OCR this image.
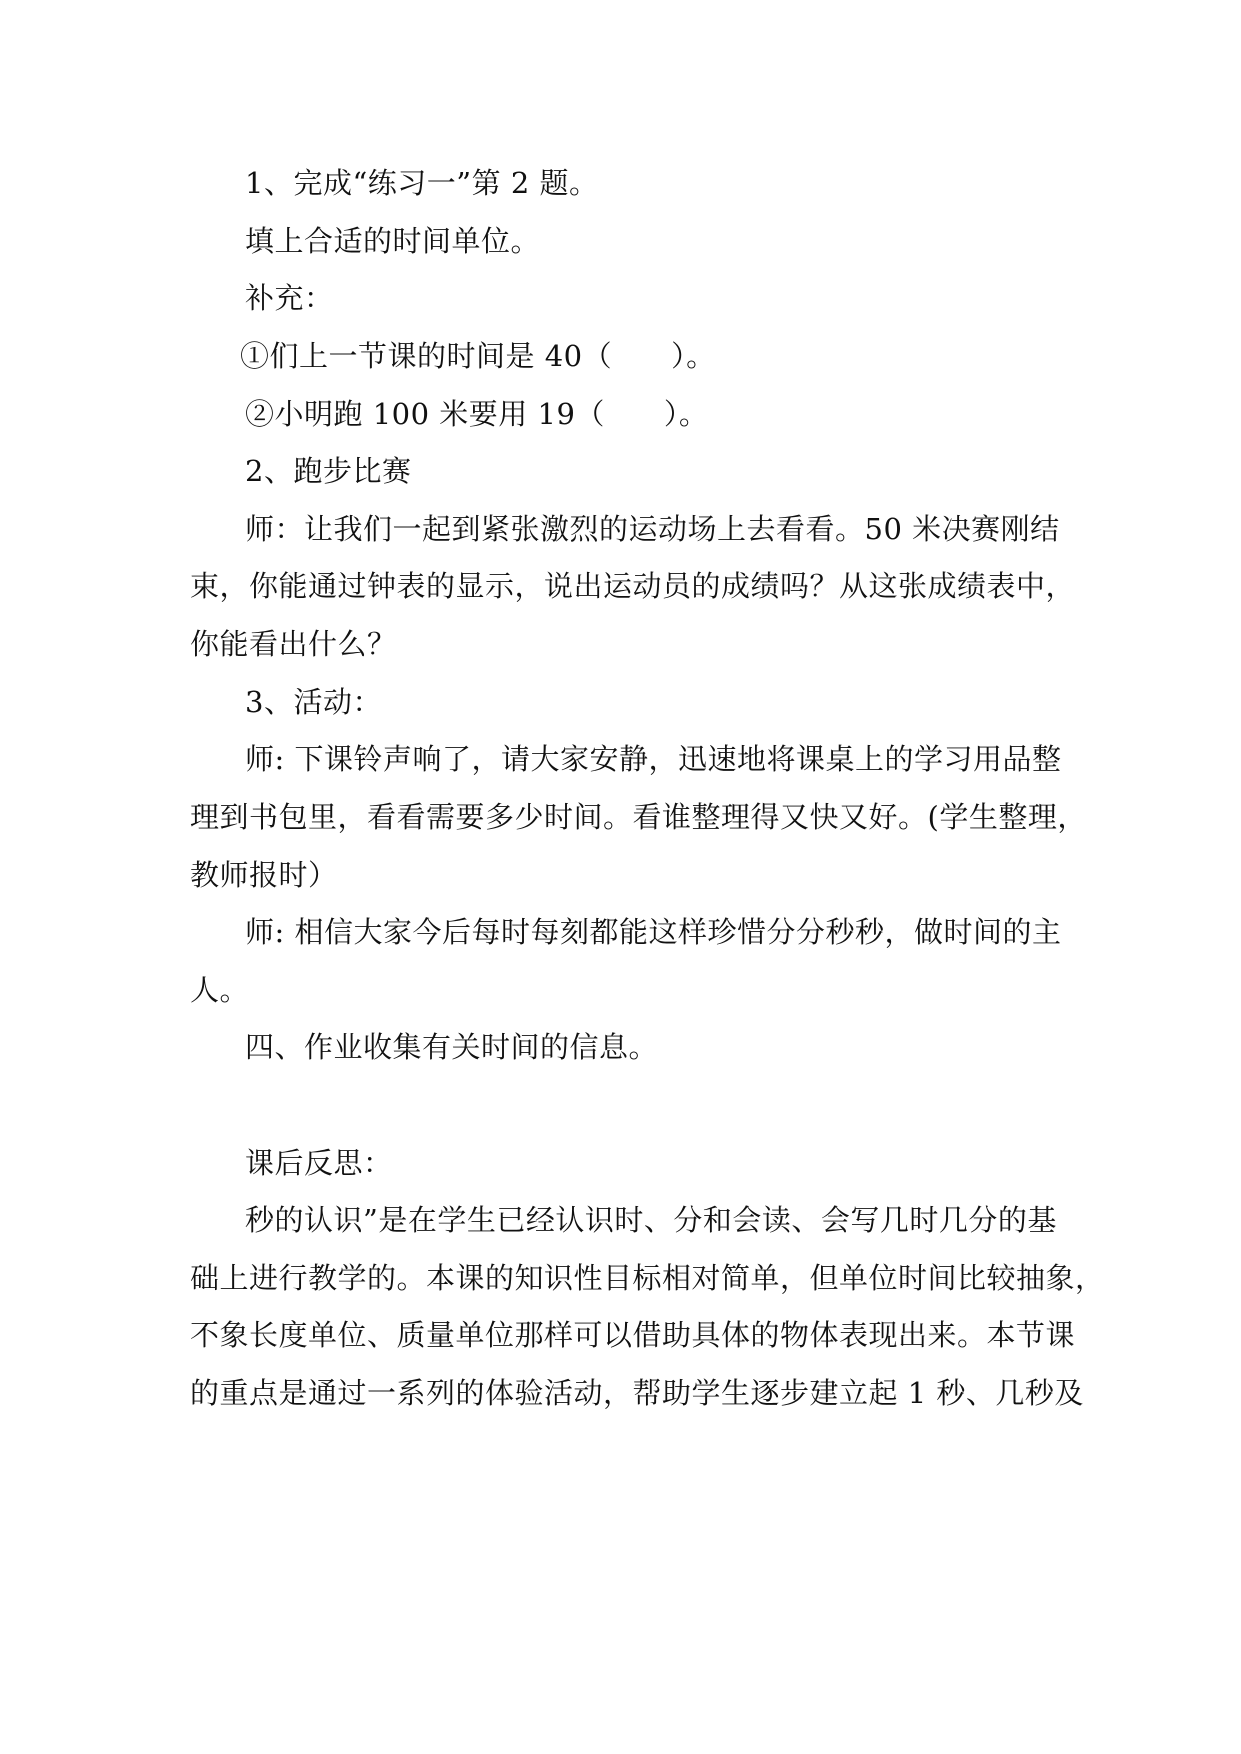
1、完成“练习一”第 2 题。
填上合适的时间单位。
补充：
①们上一节课的时间是 40（　　）。
②小明跑 100 米要用 19（　　）。
2、跑步比赛
师：让我们一起到紧张激烈的运动场上去看看。50 米决赛刚结
束，你能通过钟表的显示，说出运动员的成绩吗？从这张成绩表中，
你能看出什么？
3、活动：
师: 下课铃声响了，请大家安静，迅速地将课桌上的学习用品整
理到书包里，看看需要多少时间。看谁整理得又快又好。(学生整理，
教师报时）
师: 相信大家今后每时每刻都能这样珍惜分分秒秒，做时间的主
人。
四、作业收集有关时间的信息。
课后反思：
秒的认识”是在学生已经认识时、分和会读、会写几时几分的基
础上进行教学的。本课的知识性目标相对简单，但单位时间比较抽象，
不象长度单位、质量单位那样可以借助具体的物体表现出来。本节课
的重点是通过一系列的体验活动，帮助学生逐步建立起 1 秒、几秒及
